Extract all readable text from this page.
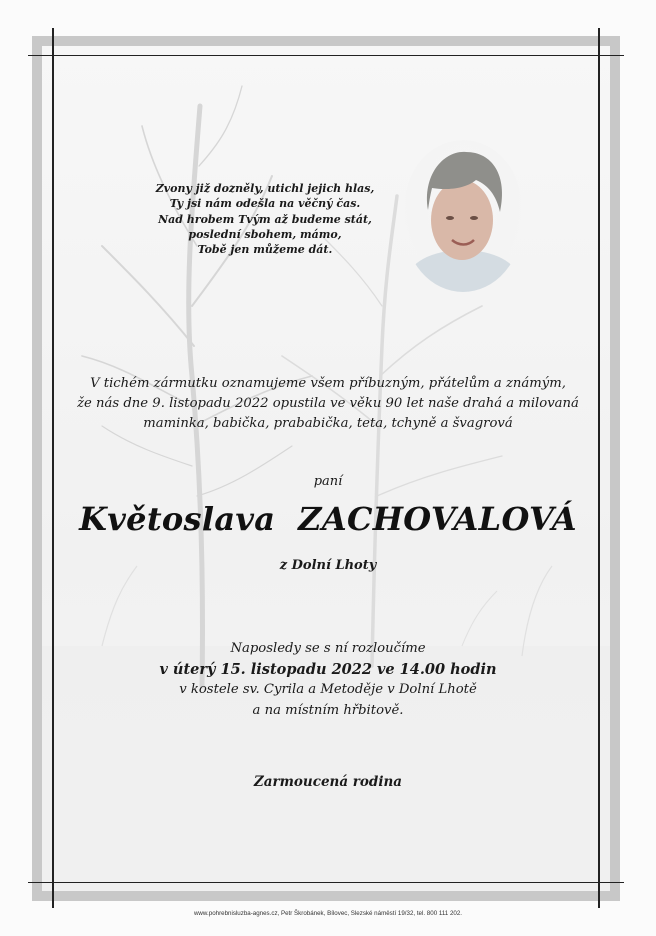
Zvony již dozněly, utichl jejich hlas,
Ty jsi nám odešla na věčný čas.
Nad hrobem Tvým až budeme stát,
poslední sbohem, mámo,
Tobě jen můžeme dát.
V tichém zármutku oznamujeme všem příbuzným, přátelům a známým,
že nás dne 9. listopadu 2022 opustila ve věku 90 let naše drahá a milovaná
maminka, babička, prababička, teta, tchyně a švagrová
paní
Květoslava ZACHOVALOVÁ
z Dolní Lhoty
Naposledy se s ní rozloučíme
v úterý 15. listopadu 2022 ve 14.00 hodin
v kostele sv. Cyrila a Metoděje v Dolní Lhotě
a na místním hřbitově.
Zarmoucená rodina
www.pohrebnisluzba-agnes.cz, Petr Škrobánek, Bílovec, Slezské náměstí 19/32, tel. 800 111 202.
